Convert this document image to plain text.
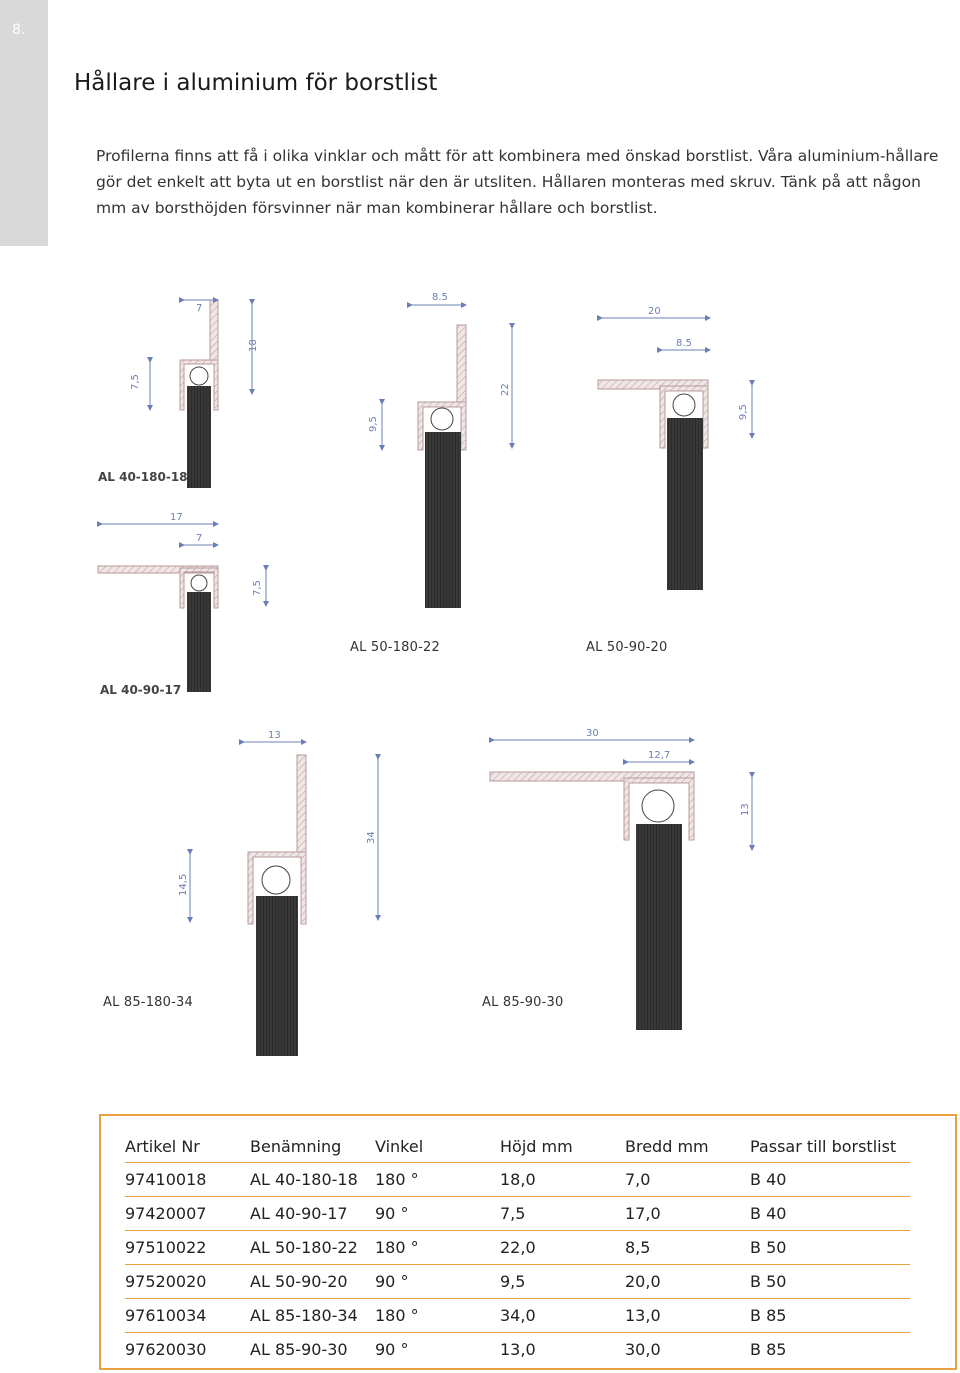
8.
Hållare i aluminium för borstlist
Profilerna finns att få i olika vinklar och mått för att kombinera med önskad borstlist. Våra aluminium-hållare gör det enkelt att byta ut en borstlist när den är utsliten. Hållaren monteras med skruv. Tänk på att någon mm av borsthöjden försvinner när man kombinerar hållare och borstlist.
7
18
7,5
AL 40-180-18
8.5
22
9,5
20
8.5
9,5
17
7
7,5
AL 40-90-17
13
34
14,5
30
12,7
13
AL 50-180-22	AL 50-90-20
AL 85-180-34	AL 85-90-30
Artikel Nr	Benämning	Vinkel	Höjd mm	Bredd mm	Passar till borstlist
97410018	AL 40-180-18	180 °	18,0	7,0	B 40
97420007	AL 40-90-17	90 °	7,5	17,0	B 40
97510022	AL 50-180-22	180 °	22,0	8,5	B 50
97520020	AL 50-90-20	90 °	9,5	20,0	B 50
97610034	AL 85-180-34	180 °	34,0	13,0	B 85
97620030	AL 85-90-30	90 °	13,0	30,0	B 85
